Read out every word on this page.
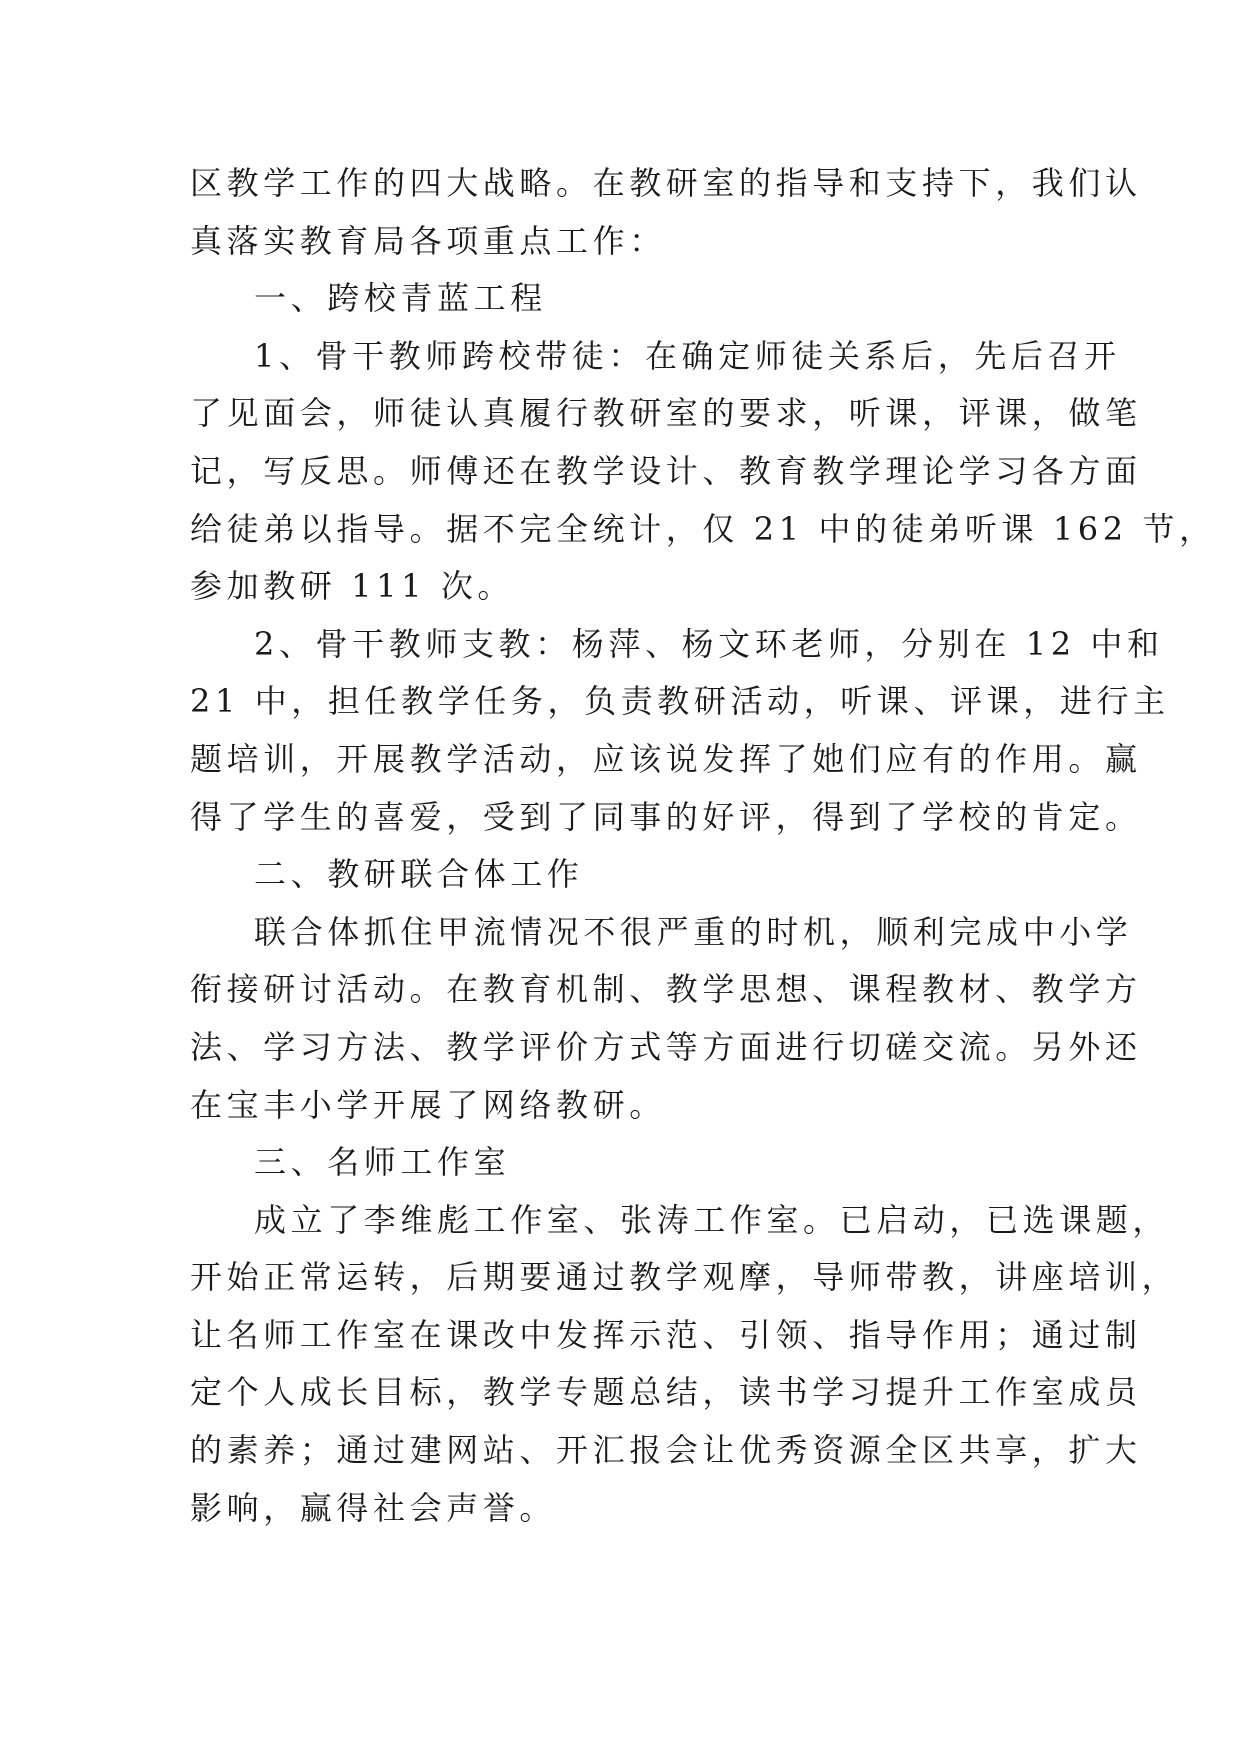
区教学工作的四大战略。在教研室的指导和支持下，我们认
真落实教育局各项重点工作：

一、跨校青蓝工程

1、骨干教师跨校带徒：在确定师徒关系后，先后召开
了见面会，师徒认真履行教研室的要求，听课，评课，做笔
记，写反思。师傅还在教学设计、教育教学理论学习各方面
给徒弟以指导。据不完全统计，仅 21 中的徒弟听课 162 节，
参加教研 111 次。

2、骨干教师支教：杨萍、杨文环老师，分别在 12 中和
21 中，担任教学任务，负责教研活动，听课、评课，进行主
题培训，开展教学活动，应该说发挥了她们应有的作用。赢
得了学生的喜爱，受到了同事的好评，得到了学校的肯定。

二、教研联合体工作

联合体抓住甲流情况不很严重的时机，顺利完成中小学
衔接研讨活动。在教育机制、教学思想、课程教材、教学方
法、学习方法、教学评价方式等方面进行切磋交流。另外还
在宝丰小学开展了网络教研。

三、名师工作室

成立了李维彪工作室、张涛工作室。已启动，已选课题，
开始正常运转，后期要通过教学观摩，导师带教，讲座培训，
让名师工作室在课改中发挥示范、引领、指导作用；通过制
定个人成长目标，教学专题总结，读书学习提升工作室成员
的素养；通过建网站、开汇报会让优秀资源全区共享，扩大
影响，赢得社会声誉。
